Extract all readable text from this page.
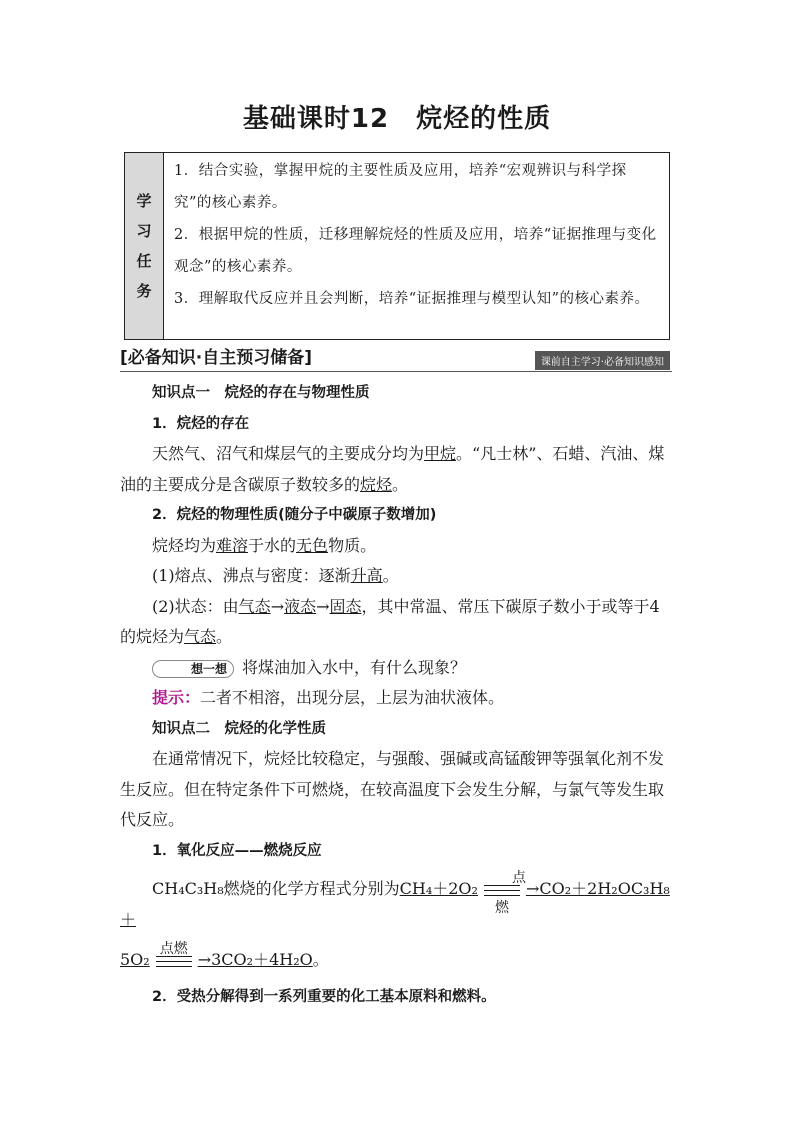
基础课时12　烷烃的性质
学
习
任
务

1．结合实验，掌握甲烷的主要性质及应用，培养“宏观辨识与科学探究”的核心素养。

2．根据甲烷的性质，迁移理解烷烃的性质及应用，培养“证据推理与变化观念”的核心素养。

3．理解取代反应并且会判断，培养“证据推理与模型认知”的核心素养。

[必备知识·自主预习储备]	课前自主学习·必备知识感知

知识点一　烷烃的存在与物理性质

1．烷烃的存在

天然气、沼气和煤层气的主要成分均为甲烷。“凡士林”、石蜡、汽油、煤油的主要成分是含碳原子数较多的烷烃。

2．烷烃的物理性质(随分子中碳原子数增加)

烷烃均为难溶于水的无色物质。

(1)熔点、沸点与密度：逐渐升高。

(2)状态：由气态→液态→固态，其中常温、常压下碳原子数小于或等于4的烷烃为气态。

想一想 将煤油加入水中，有什么现象？

提示：二者不相溶，出现分层，上层为油状液体。

知识点二　烷烃的化学性质

在通常情况下，烷烃比较稳定，与强酸、强碱或高锰酸钾等强氧化剂不发生反应。但在特定条件下可燃烧，在较高温度下会发生分解，与氯气等发生取代反应。

1．氧化反应——燃烧反应

CH₄C₃H₈燃烧的化学方程式分别为CH₄＋2O₂
点燃
→CO₂＋2H₂OC₃H₈＋

5O₂
点燃
→3CO₂＋4H₂O。

2．受热分解得到一系列重要的化工基本原料和燃料。
